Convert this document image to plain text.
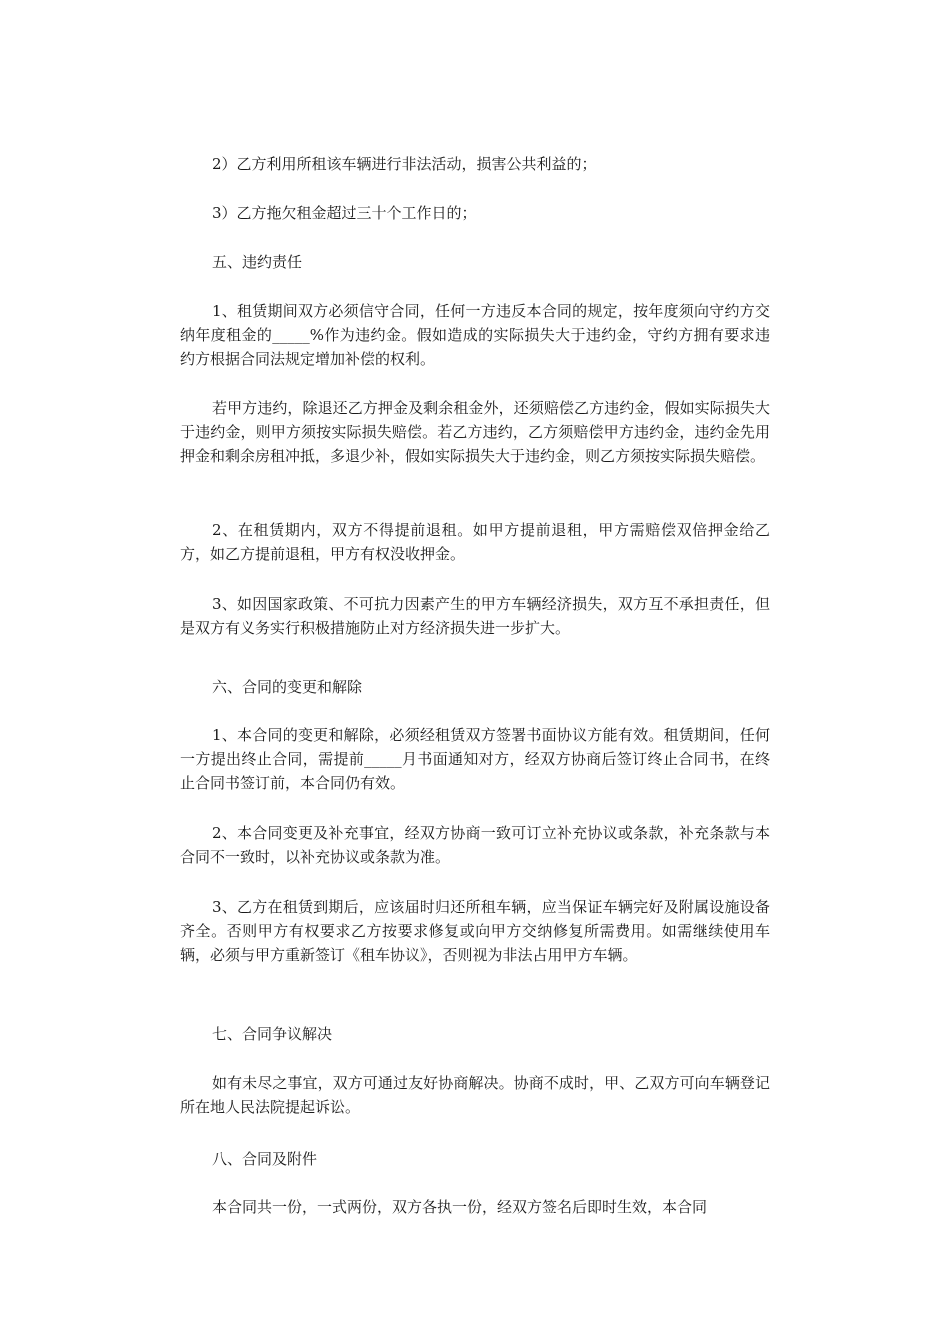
2）乙方利用所租该车辆进行非法活动，损害公共利益的；

3）乙方拖欠租金超过三十个工作日的；

五、违约责任

1、租赁期间双方必须信守合同，任何一方违反本合同的规定，按年度须向守约方交纳年度租金的_____%作为违约金。假如造成的实际损失大于违约金，守约方拥有要求违约方根据合同法规定增加补偿的权利。

若甲方违约，除退还乙方押金及剩余租金外，还须赔偿乙方违约金，假如实际损失大于违约金，则甲方须按实际损失赔偿。若乙方违约，乙方须赔偿甲方违约金，违约金先用押金和剩余房租冲抵，多退少补，假如实际损失大于违约金，则乙方须按实际损失赔偿。

2、在租赁期内，双方不得提前退租。如甲方提前退租，甲方需赔偿双倍押金给乙方，如乙方提前退租，甲方有权没收押金。

3、如因国家政策、不可抗力因素产生的甲方车辆经济损失，双方互不承担责任，但是双方有义务实行积极措施防止对方经济损失进一步扩大。

六、合同的变更和解除

1、本合同的变更和解除，必须经租赁双方签署书面协议方能有效。租赁期间，任何一方提出终止合同，需提前_____月书面通知对方，经双方协商后签订终止合同书，在终止合同书签订前，本合同仍有效。

2、本合同变更及补充事宜，经双方协商一致可订立补充协议或条款，补充条款与本合同不一致时，以补充协议或条款为准。

3、乙方在租赁到期后，应该届时归还所租车辆，应当保证车辆完好及附属设施设备齐全。否则甲方有权要求乙方按要求修复或向甲方交纳修复所需费用。如需继续使用车辆，必须与甲方重新签订《租车协议》，否则视为非法占用甲方车辆。

七、合同争议解决

如有未尽之事宜，双方可通过友好协商解决。协商不成时，甲、乙双方可向车辆登记所在地人民法院提起诉讼。

八、合同及附件

本合同共一份，一式两份，双方各执一份，经双方签名后即时生效，本合同
